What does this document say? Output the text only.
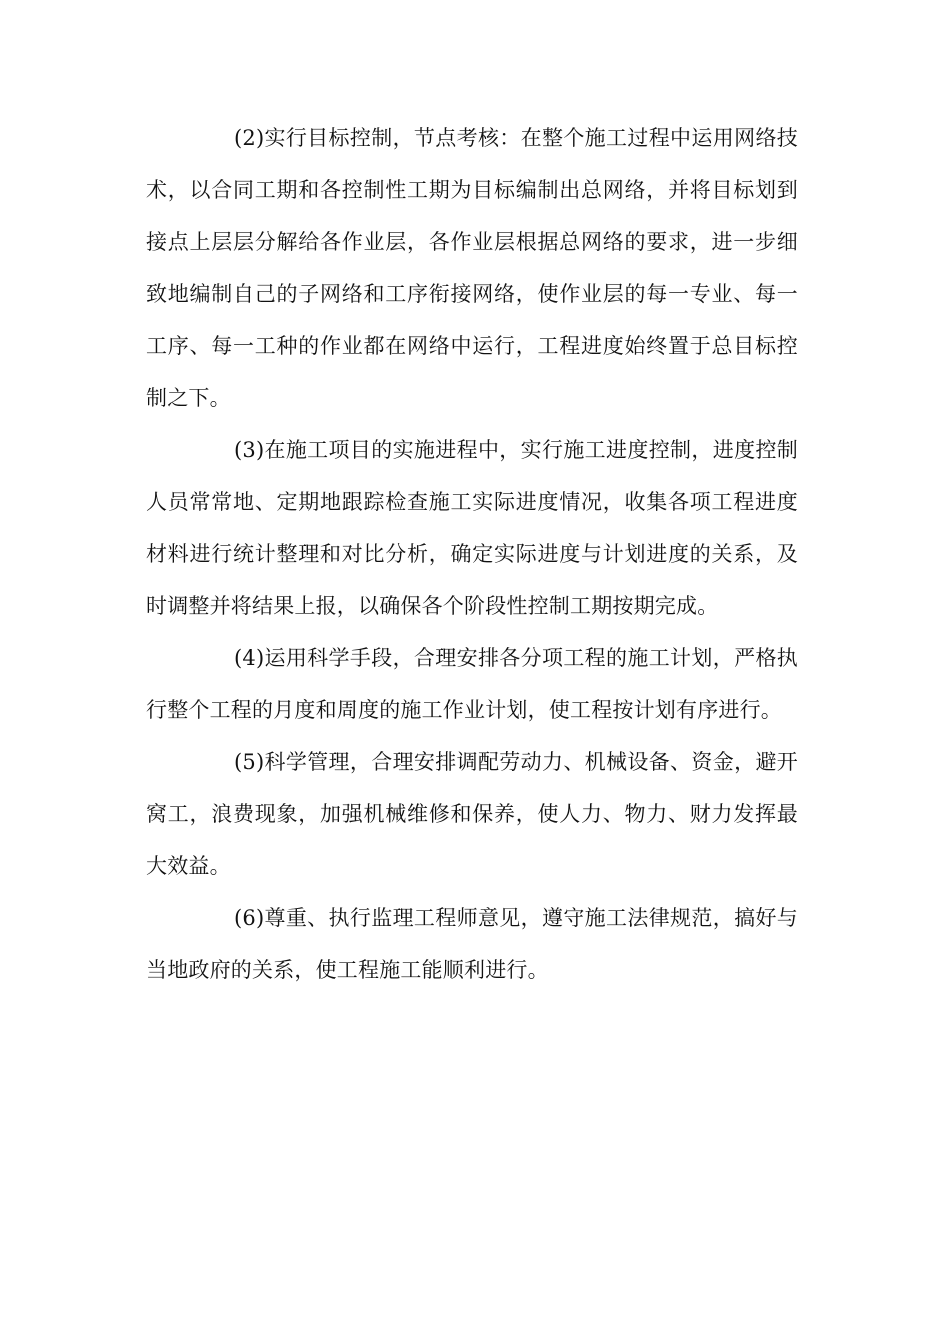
(2)实行目标控制，节点考核：在整个施工过程中运用网络技术，以合同工期和各控制性工期为目标编制出总网络，并将目标划到接点上层层分解给各作业层，各作业层根据总网络的要求，进一步细致地编制自己的子网络和工序衔接网络，使作业层的每一专业、每一工序、每一工种的作业都在网络中运行，工程进度始终置于总目标控制之下。

(3)在施工项目的实施进程中，实行施工进度控制，进度控制人员常常地、定期地跟踪检查施工实际进度情况，收集各项工程进度材料进行统计整理和对比分析，确定实际进度与计划进度的关系，及时调整并将结果上报，以确保各个阶段性控制工期按期完成。

(4)运用科学手段，合理安排各分项工程的施工计划，严格执行整个工程的月度和周度的施工作业计划，使工程按计划有序进行。

(5)科学管理，合理安排调配劳动力、机械设备、资金，避开窝工，浪费现象，加强机械维修和保养，使人力、物力、财力发挥最大效益。

(6)尊重、执行监理工程师意见，遵守施工法律规范，搞好与当地政府的关系，使工程施工能顺利进行。
